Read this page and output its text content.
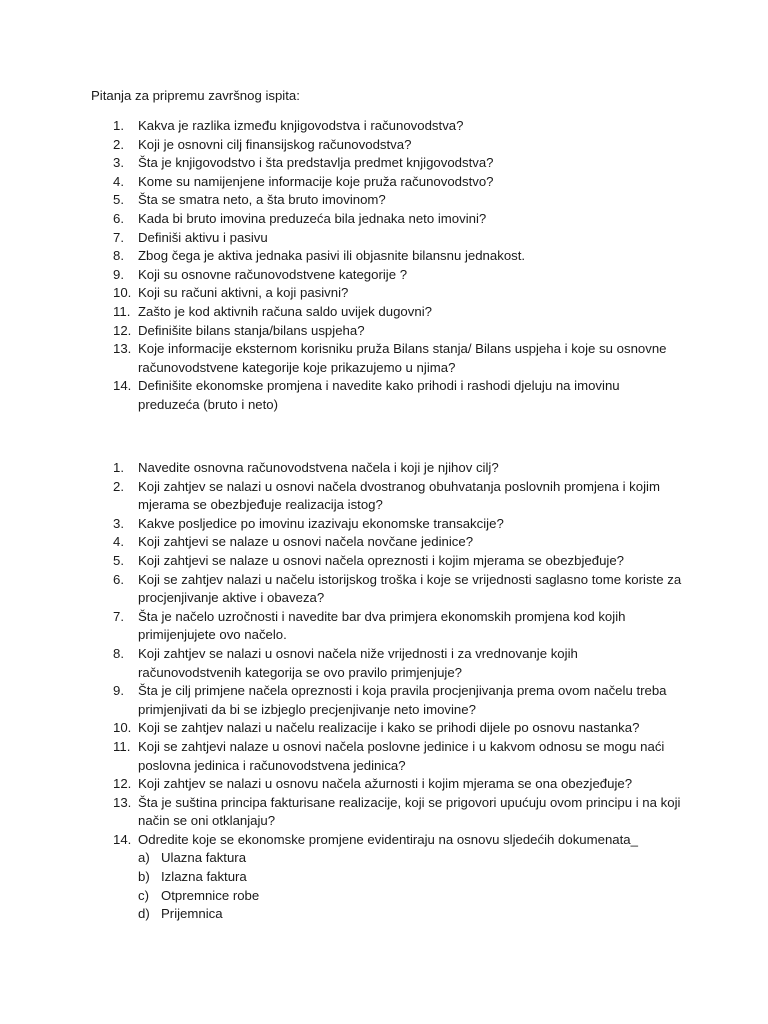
Pitanja za pripremu završnog ispita:
1. Kakva je razlika između knjigovodstva i računovodstva?
2. Koji je osnovni cilj finansijskog računovodstva?
3. Šta je knjigovodstvo i šta predstavlja predmet knjigovodstva?
4. Kome su namijenjene informacije koje pruža računovodstvo?
5. Šta se smatra neto, a šta bruto imovinom?
6. Kada bi bruto imovina preduzeća bila jednaka neto imovini?
7. Definiši aktivu i pasivu
8. Zbog čega je aktiva jednaka pasivi ili objasnite bilansnu jednakost.
9. Koji su osnovne računovodstvene kategorije ?
10. Koji su računi aktivni, a koji pasivni?
11. Zašto je kod aktivnih računa saldo uvijek dugovni?
12. Definišite bilans stanja/bilans uspjeha?
13. Koje informacije eksternom korisniku pruža Bilans stanja/ Bilans uspjeha i koje su osnovne
računovodstvene kategorije koje prikazujemo u njima?
14. Definišite ekonomske promjena i navedite kako prihodi i rashodi djeluju na imovinu
preduzeća (bruto i neto)
1. Navedite osnovna računovodstvena načela i koji je njihov cilj?
2. Koji zahtjev se nalazi u osnovi načela dvostranog obuhvatanja poslovnih promjena i kojim
mjerama se obezbjeđuje realizacija istog?
3. Kakve posljedice po imovinu izazivaju ekonomske transakcije?
4. Koji zahtjevi se nalaze u osnovi načela novčane jedinice?
5. Koji zahtjevi se nalaze u osnovi načela opreznosti i kojim mjerama se obezbjeđuje?
6. Koji se zahtjev nalazi u načelu istorijskog troška i koje se vrijednosti saglasno tome koriste za
procjenjivanje aktive i obaveza?
7. Šta je načelo uzročnosti i navedite bar dva primjera ekonomskih promjena kod kojih
primijenjujete ovo načelo.
8. Koji zahtjev se nalazi u osnovi načela niže vrijednosti i za vrednovanje kojih
računovodstvenih kategorija se ovo pravilo primjenjuje?
9. Šta je cilj primjene načela opreznosti i koja pravila procjenjivanja prema ovom načelu treba
primjenjivati da bi se izbjeglo precjenjivanje neto imovine?
10. Koji se zahtjev nalazi u načelu realizacije i kako se prihodi dijele po osnovu nastanka?
11. Koji se zahtjevi nalaze u osnovi načela poslovne jedinice i u kakvom odnosu se mogu naći
poslovna jedinica i računovodstvena jedinica?
12. Koji zahtjev se nalazi u osnovu načela ažurnosti i kojim mjerama se ona obezjeđuje?
13. Šta je suština principa fakturisane realizacije, koji se prigovori upućuju ovom principu i na koji
način se oni otklanjaju?
14. Odredite koje se ekonomske promjene evidentiraju na osnovu sljedećih dokumenata_
a) Ulazna faktura
b) Izlazna faktura
c) Otpremnice robe
d) Prijemnica
